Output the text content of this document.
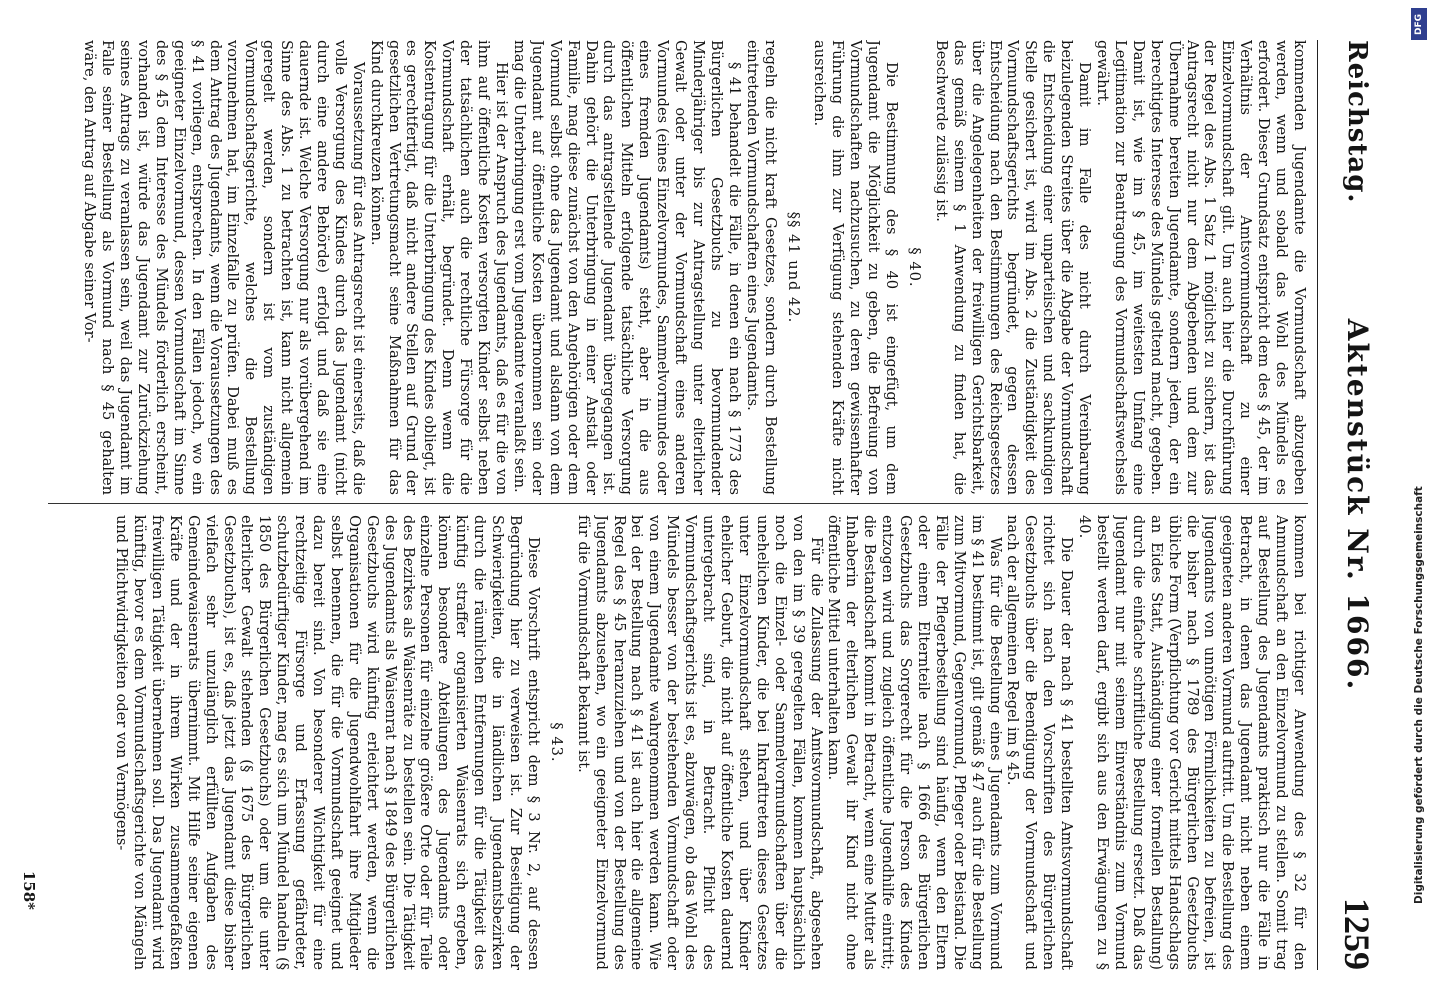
Reichstag.
Aktenstück Nr. 1666.
1259

kommenden Jugendamte die Vormundschaft abzugeben werden, wenn und sobald das Wohl des Mündels es erfordert. Dieser Grundsatz entspricht dem des § 45, der im Verhältnis der Amtsvormundschaft zu einer Einzelvormundschaft gilt. Um auch hier die Durchführung der Regel des Abs. 1 Satz 1 möglichst zu sichern, ist das Antragsrecht nicht nur dem Abgebenden und dem zur Übernahme bereiten Jugendamte, sondern jedem, der ein berechtigtes Interesse des Mündels geltend macht, gegeben. Damit ist, wie im § 45, im weitesten Umfang eine Legitimation zur Beantragung des Vormundschaftswechsels gewährt.

Damit im Falle des nicht durch Vereinbarung beizulegenden Streites über die Abgabe der Vormundschaft die Entscheidung einer unparteiischen und sachkundigen Stelle gesichert ist, wird im Abs. 2 die Zuständigkeit des Vormundschaftsgerichts begründet, gegen dessen Entscheidung nach den Bestimmungen des Reichsgesetzes über die Angelegenheiten der freiwilligen Gerichtsbarkeit, das gemäß seinem § 1 Anwendung zu finden hat, die Beschwerde zulässig ist.

§ 40.

Die Bestimmung des § 40 ist eingefügt, um dem Jugendamt die Möglichkeit zu geben, die Befreiung von Vormundschaften nachzusuchen, zu deren gewissenhafter Führung die ihm zur Verfügung stehenden Kräfte nicht ausreichen.

§§ 41 und 42.

regeln die nicht kraft Gesetzes, sondern durch Bestellung eintretenden Vormundschaften eines Jugendamts.

§ 41 behandelt die Fälle, in denen ein nach § 1773 des Bürgerlichen Gesetzbuchs zu bevormundender Minderjähriger bis zur Antragstellung unter elterlicher Gewalt oder unter der Vormundschaft eines anderen Vormundes (eines Einzelvormundes, Sammelvormundes oder eines fremden Jugendamts) steht, aber in die aus öffentlichen Mitteln erfolgende tatsächliche Versorgung durch das antragstellende Jugendamt übergegangen ist. Dahin gehört die Unterbringung in einer Anstalt oder Familie, mag diese zunächst von den Angehörigen oder dem Vormund selbst ohne das Jugendamt und alsdann von dem Jugendamt auf öffentliche Kosten übernommen sein oder mag die Unterbringung erst vom Jugendamte veranlaßt sein.

Hier ist der Anspruch des Jugendamts, daß es für die von ihm auf öffentliche Kosten versorgten Kinder selbst neben der tatsächlichen auch die rechtliche Fürsorge für die Vormundschaft erhält, begründet. Denn wenn die Kostentragung für die Unterbringung des Kindes obliegt, ist es gerechtfertigt, daß nicht andere Stellen auf Grund der gesetzlichen Vertretungsmacht seine Maßnahmen für das Kind durchkreuzen können.

Voraussetzung für das Antragsrecht ist einerseits, daß die volle Versorgung des Kindes durch das Jugendamt (nicht durch eine andere Behörde) erfolgt und daß sie eine dauernde ist. Welche Versorgung nur als vorübergehend im Sinne des Abs. 1 zu betrachten ist, kann nicht allgemein geregelt werden, sondern ist vom zuständigen Vormundschaftsgerichte, welches die Bestellung vorzunehmen hat, im Einzelfalle zu prüfen. Dabei muß es dem Antrag des Jugendamts, wenn die Voraussetzungen des § 41 vorliegen, entsprechen. In den Fällen jedoch, wo ein geeigneter Einzelvormund, dessen Vormundschaft im Sinne des § 45 dem Interesse des Mündels förderlich erscheint, vorhanden ist, würde das Jugendamt zur Zurückziehung seines Antrags zu veranlassen sein, weil das Jugendamt im Falle seiner Bestellung als Vormund nach § 45 gehalten wäre, den Antrag auf Abgabe seiner Vor-

kommen bei richtiger Anwendung des § 32 für den Anmundschaft an den Einzelvormund zu stellen. Somit trag auf Bestellung des Jugendamts praktisch nur die Fälle in Betracht, in denen das Jugendamt nicht neben einem geeigneten anderen Vormund auftritt. Um die Bestellung des Jugendamts von unnötigen Förmlichkeiten zu befreien, ist die bisher nach § 1789 des Bürgerlichen Gesetzbuchs übliche Form (Verpflichtung vor Gericht mittels Handschlags an Eides Statt, Aushändigung einer formellen Bestallung) durch die einfache schriftliche Bestellung ersetzt. Daß das Jugendamt nur mit seinem Einverständnis zum Vormund bestellt werden darf, ergibt sich aus den Erwägungen zu § 40.

Die Dauer der nach § 41 bestellten Amtsvormundschaft richtet sich nach den Vorschriften des Bürgerlichen Gesetzbuchs über die Beendigung der Vormundschaft und nach der allgemeinen Regel im § 45.

Was für die Bestellung eines Jugendamts zum Vormund im § 41 bestimmt ist, gilt gemäß § 47 auch für die Bestellung zum Mitvormund, Gegenvormund, Pfleger oder Beistand. Die Fälle der Pflegerbestellung sind häufig, wenn den Eltern oder einem Elternteile nach § 1666 des Bürgerlichen Gesetzbuchs das Sorgerecht für die Person des Kindes entzogen wird und zugleich öffentliche Jugendhilfe eintritt; die Bestandschaft kommt in Betracht, wenn eine Mutter als Inhaberin der elterlichen Gewalt ihr Kind nicht ohne öffentliche Mittel unterhalten kann.

Für die Zulassung der Amtsvormundschaft, abgesehen von den im § 39 geregelten Fällen, kommen hauptsächlich noch die Einzel- oder Sammelvormundschaften über die unehelichen Kinder, die bei Inkrafttreten dieses Gesetzes unter Einzelvormundschaft stehen, und über Kinder ehelicher Geburt, die nicht auf öffentliche Kosten dauernd untergebracht sind, in Betracht. Pflicht des Vormundschaftsgerichts ist es, abzuwägen, ob das Wohl des Mündels besser von der bestehenden Vormundschaft oder von einem Jugendamte wahrgenommen werden kann. Wie bei der Bestellung nach § 41 ist auch hier die allgemeine Regel des § 45 heranzuziehen und von der Bestellung des Jugendamts abzusehen, wo ein geeigneter Einzelvormund für die Vormundschaft bekannt ist.

§ 43.

Diese Vorschrift entspricht dem § 3 Nr. 2, auf dessen Begründung hier zu verweisen ist. Zur Beseitigung der Schwierigkeiten, die in ländlichen Jugendamtsbezirken durch die räumlichen Entfernungen für die Tätigkeit des künftig straffer organisierten Waisenrats sich ergeben, können besondere Abteilungen des Jugendamts oder einzelne Personen für einzelne größere Orte oder für Teile des Bezirkes als Waisenräte zu bestellen sein. Die Tätigkeit des Jugendamts als Waisenrat nach § 1849 des Bürgerlichen Gesetzbuchs wird künftig erleichtert werden, wenn die Organisationen für die Jugendwohlfahrt ihre Mitglieder selbst benennen, die für die Vormundschaft geeignet und dazu bereit sind. Von besonderer Wichtigkeit für eine rechtzeitige Fürsorge und Erfassung gefährdeter, schutzbedürftiger Kinder, mag es sich um Mündel handeln (§ 1850 des Bürgerlichen Gesetzbuchs) oder um die unter elterlicher Gewalt stehenden (§ 1675 des Bürgerlichen Gesetzbuchs), ist es, daß jetzt das Jugendamt diese bisher vielfach sehr unzulänglich erfüllten Aufgaben des Gemeindewaisenrats übernimmt. Mit Hilfe seiner eigenen Kräfte und der in ihrem Wirken zusammengefaßten freiwilligen Tätigkeit übernehmen soll. Das Jugendamt wird künftig, bevor es dem Vormundschaftsgerichte von Mängeln und Pflichtwidrigkeiten oder von Vermögens-

158*
DFG
Digitalisierung gefördert durch die Deutsche Forschungsgemeinschaft
